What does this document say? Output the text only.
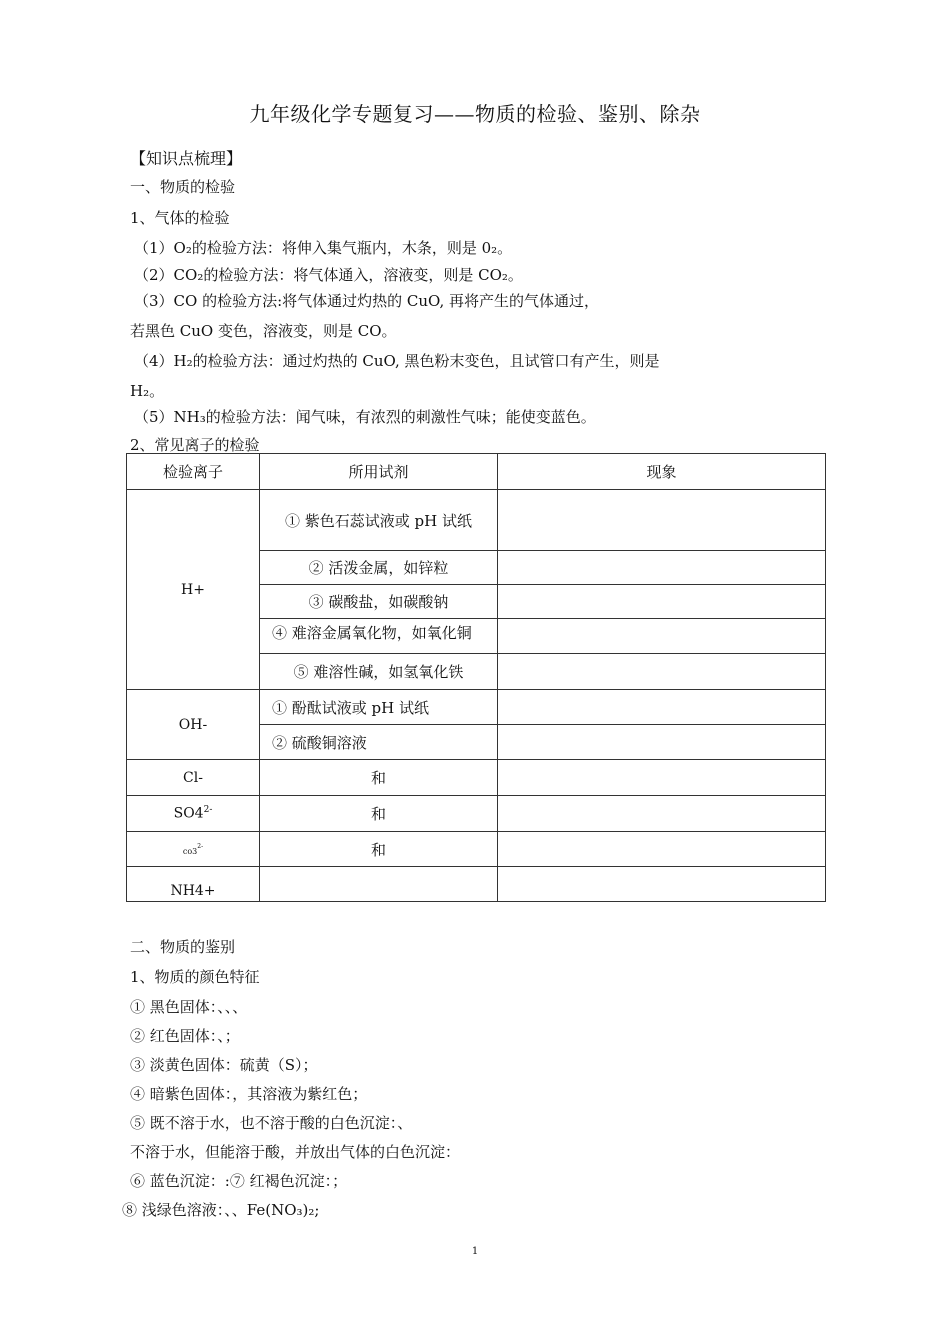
九年级化学专题复习——物质的检验、鉴别、除杂
【知识点梳理】
一、物质的检验
1、气体的检验
（1）O₂的检验方法：将伸入集气瓶内，木条，则是 0₂。
（2）CO₂的检验方法：将气体通入，溶液变，则是 CO₂。
（3）CO 的检验方法:将气体通过灼热的 CuO, 再将产生的气体通过，
若黑色 CuO 变色，溶液变，则是 CO。
（4）H₂的检验方法：通过灼热的 CuO, 黑色粉末变色，且试管口有产生，则是
H₂。
（5）NH₃的检验方法：闻气味，有浓烈的刺激性气味；能使变蓝色。
2、常见离子的检验
检验离子	所用试剂	现象
H+	① 紫色石蕊试液或 pH 试纸	
	② 活泼金属，如锌粒	
	③ 碳酸盐，如碳酸钠	

	④ 难溶金属氧化物，如氧化铜	

	⑤ 难溶性碱，如氢氧化铁	
OH-	① 酚酞试液或 pH 试纸	
	② 硫酸铜溶液	
Cl-	和	
$SO4^{2-}$	和	
$co3^{2-}$	和	
NH4+		
二、物质的鉴别
1、物质的颜色特征
① 黑色固体：、、、
② 红色固体：、；
③ 淡黄色固体：硫黄（S）；
④ 暗紫色固体：，其溶液为紫红色；
⑤ 既不溶于水，也不溶于酸的白色沉淀：、
不溶于水，但能溶于酸，并放出气体的白色沉淀：
⑥ 蓝色沉淀：:⑦ 红褐色沉淀：；
⑧ 浅绿色溶液：、、Fe(NO₃)₂;
1
